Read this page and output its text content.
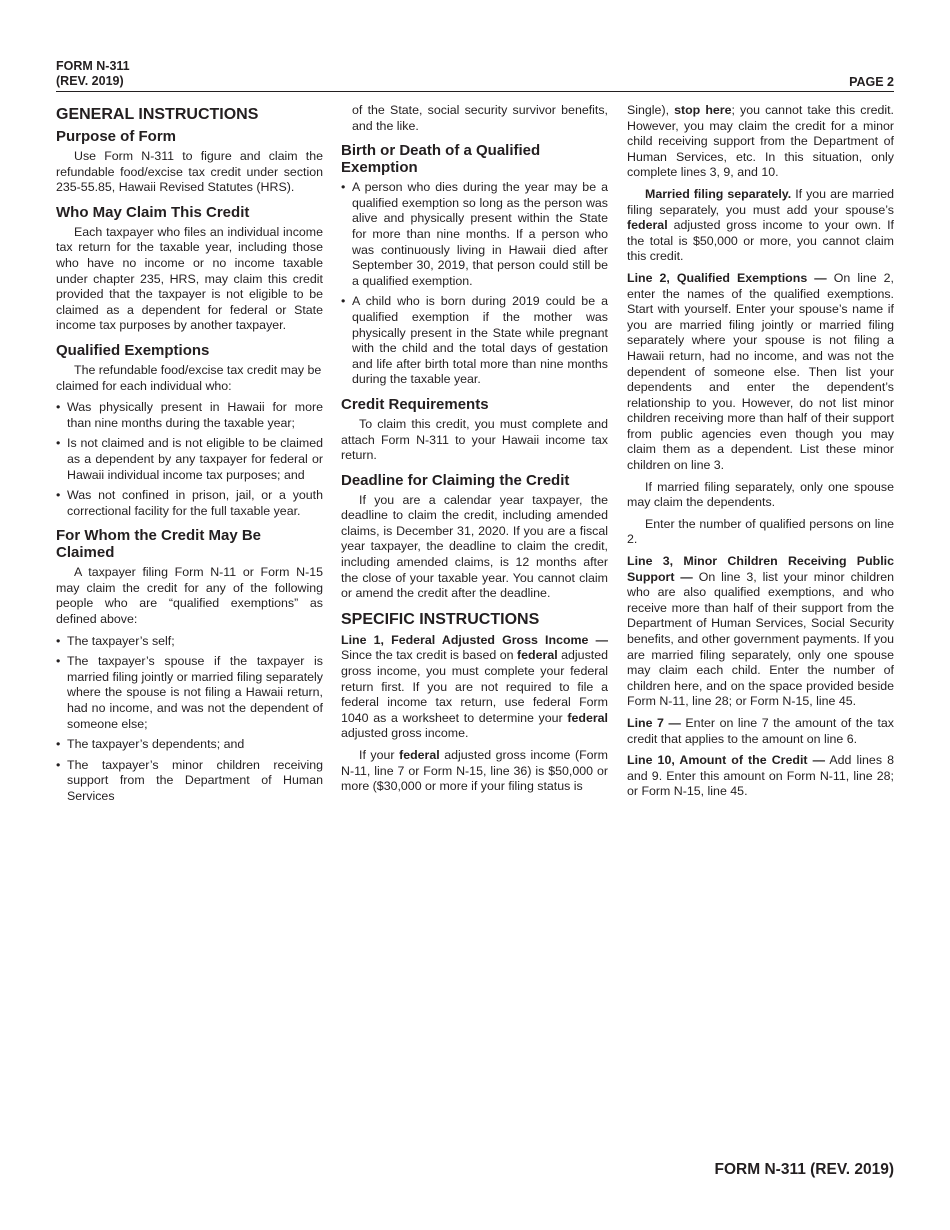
FORM N-311
(REV. 2019)	PAGE 2
GENERAL INSTRUCTIONS
Purpose of Form

Use Form N-311 to figure and claim the refundable food/excise tax credit under section 235-55.85, Hawaii Revised Statutes (HRS).

Who May Claim This Credit

Each taxpayer who files an individual income tax return for the taxable year, including those who have no income or no income taxable under chapter 235, HRS, may claim this credit provided that the taxpayer is not eligible to be claimed as a dependent for federal or State income tax purposes by another taxpayer.

Qualified Exemptions

The refundable food/excise tax credit may be claimed for each individual who:

• Was physically present in Hawaii for more than nine months during the taxable year;
• Is not claimed and is not eligible to be claimed as a dependent by any taxpayer for federal or Hawaii individual income tax purposes; and
• Was not confined in prison, jail, or a youth correctional facility for the full taxable year.
For Whom the Credit May Be Claimed

A taxpayer filing Form N-11 or Form N-15 may claim the credit for any of the following people who are “qualified exemptions” as defined above:

• The taxpayer’s self;
• The taxpayer’s spouse if the taxpayer is married filing jointly or married filing separately where the spouse is not filing a Hawaii return, had no income, and was not the dependent of someone else;
• The taxpayer’s dependents; and
• The taxpayer’s minor children receiving support from the Department of Human Services

of the State, social security survivor benefits, and the like.

Birth or Death of a Qualified Exemption
• A person who dies during the year may be a qualified exemption so long as the person was alive and physically present within the State for more than nine months. If a person who was continuously living in Hawaii died after September 30, 2019, that person could still be a qualified exemption.
• A child who is born during 2019 could be a qualified exemption if the mother was physically present in the State while pregnant with the child and the total days of gestation and life after birth total more than nine months during the taxable year.
Credit Requirements

To claim this credit, you must complete and attach Form N-311 to your Hawaii income tax return.

Deadline for Claiming the Credit

If you are a calendar year taxpayer, the deadline to claim the credit, including amended claims, is December 31, 2020. If you are a fiscal year taxpayer, the deadline to claim the credit, including amended claims, is 12 months after the close of your taxable year. You cannot claim or amend the credit after the deadline.

SPECIFIC INSTRUCTIONS

Line 1, Federal Adjusted Gross Income — Since the tax credit is based on federal adjusted gross income, you must complete your federal return first. If you are not required to file a federal income tax return, use federal Form 1040 as a worksheet to determine your federal adjusted gross income.

If your federal adjusted gross income (Form N-11, line 7 or Form N-15, line 36) is $50,000 or more ($30,000 or more if your filing status is

Single), stop here; you cannot take this credit. However, you may claim the credit for a minor child receiving support from the Department of Human Services, etc. In this situation, only complete lines 3, 9, and 10.

Married filing separately. If you are married filing separately, you must add your spouse’s federal adjusted gross income to your own. If the total is $50,000 or more, you cannot claim this credit.

Line 2, Qualified Exemptions — On line 2, enter the names of the qualified exemptions. Start with yourself. Enter your spouse’s name if you are married filing jointly or married filing separately where your spouse is not filing a Hawaii return, had no income, and was not the dependent of someone else. Then list your dependents and enter the dependent’s relationship to you. However, do not list minor children receiving more than half of their support from public agencies even though you may claim them as a dependent. List these minor children on line 3.

If married filing separately, only one spouse may claim the dependents.

Enter the number of qualified persons on line 2.

Line 3, Minor Children Receiving Public Support — On line 3, list your minor children who are also qualified exemptions, and who receive more than half of their support from the Department of Human Services, Social Security benefits, and other government payments. If you are married filing separately, only one spouse may claim each child. Enter the number of children here, and on the space provided beside Form N-11, line 28; or Form N-15, line 45.

Line 7 — Enter on line 7 the amount of the tax credit that applies to the amount on line 6.

Line 10, Amount of the Credit — Add lines 8 and 9. Enter this amount on Form N-11, line 28; or Form N-15, line 45.

FORM N-311 (REV. 2019)
